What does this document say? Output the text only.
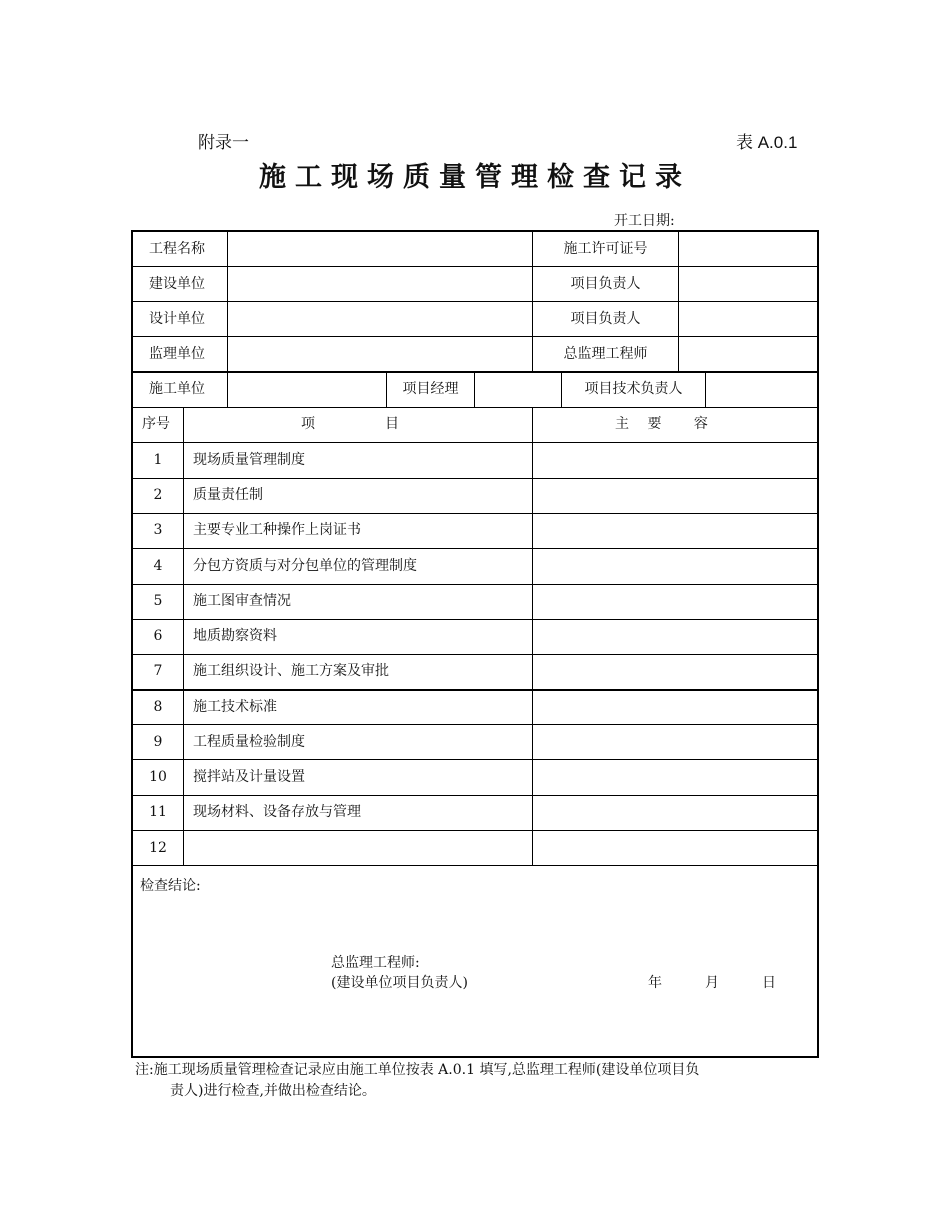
附录一	表 A.0.1
施工现场质量管理检查记录
开工日期:
工程名称	施工许可证号
建设单位	项目负责人
设计单位	项目负责人
监理单位	总监理工程师
施工单位	项目经理	项目技术负责人
序号	项　　　　　目	主　 要　　 容
1	现场质量管理制度
2	质量责任制
3	主要专业工种操作上岗证书
4	分包方资质与对分包单位的管理制度
5	施工图审查情况
6	地质勘察资料
7	施工组织设计、施工方案及审批
8	施工技术标准
9	工程质量检验制度
10	搅拌站及计量设置
11	现场材料、设备存放与管理
12
检查结论:
总监理工程师:
(建设单位项目负责人)	年	月	日
注:施工现场质量管理检查记录应由施工单位按表 A.0.1 填写,总监理工程师(建设单位项目负
责人)进行检查,并做出检查结论。
